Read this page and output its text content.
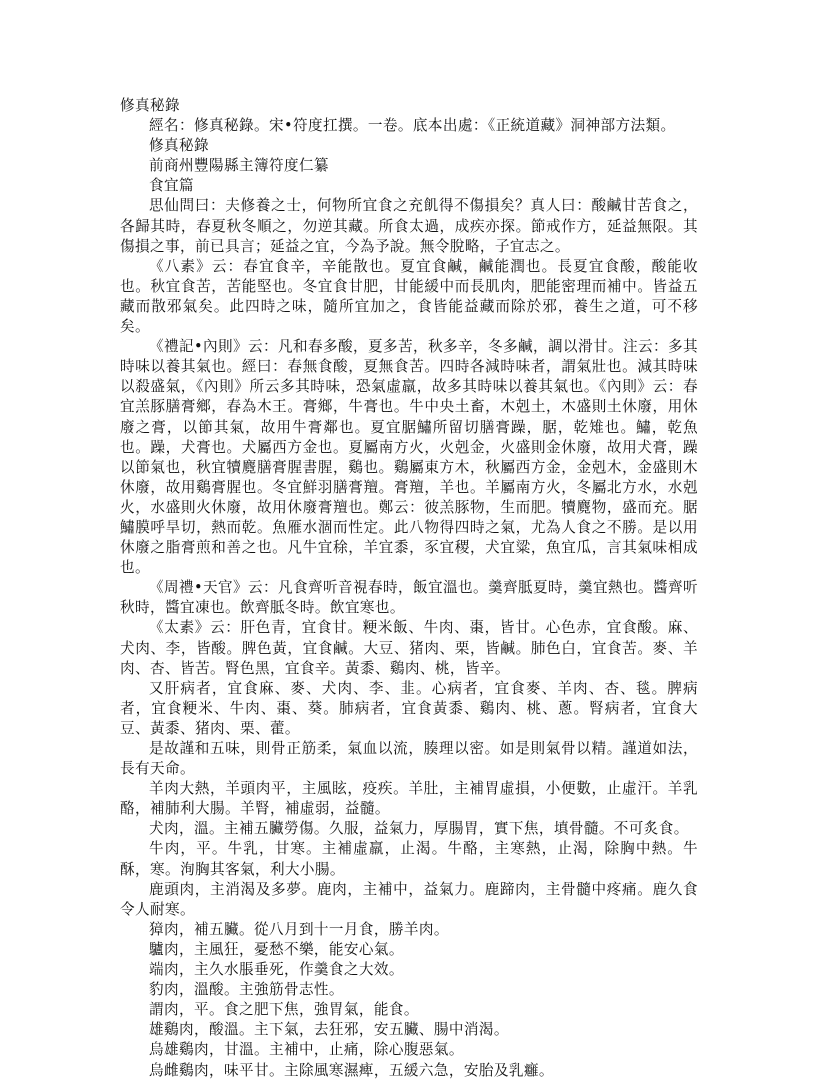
修真秘錄

經名：修真秘錄。宋•符度扛撰。一卷。底本出處：《正統道藏》洞神部方法類。

修真秘錄

前商州豐陽縣主簿符度仁纂

食宜篇

思仙問曰：夫修養之士，何物所宜食之充飢得不傷損矣？真人曰：酸鹹甘苦食之，各歸其時，春夏秋冬順之，勿逆其藏。所食太過，成疾亦探。節戒作方，延益無限。其傷損之事，前已具言；延益之宜，今為予說。無令脫略，子宜志之。

《八素》云：春宜食辛，辛能散也。夏宜食鹹，鹹能潤也。長夏宜食酸，酸能收也。秋宜食苦，苦能堅也。冬宜食甘肥，甘能緩中而長肌肉，肥能密理而補中。皆益五藏而散邪氣矣。此四時之味，隨所宜加之，食皆能益藏而除於邪，養生之道，可不移矣。

《禮記•內則》云：凡和春多酸，夏多苦，秋多辛，冬多鹹，調以滑甘。注云：多其時味以養其氣也。經曰：春無食酸，夏無食苦。四時各減時味者，謂氣壯也。減其時味以殺盛氣，《內則》所云多其時味，恐氣虛羸，故多其時味以養其氣也。《內則》云：春宜羔豚膳膏鄉，春為木王。膏鄉，牛膏也。牛中央土畜，木剋土，木盛則土休廢，用休廢之膏，以節其氣，故用牛膏鄰也。夏宜腒鱐所留切膳膏躁，腒，乾雉也。鱐，乾魚也。躁，犬膏也。犬屬西方金也。夏屬南方火，火剋金，火盛則金休廢，故用犬膏，躁以節氣也，秋宜犢麑膳膏腥書腥，鷄也。鷄屬東方木，秋屬西方金，金剋木，金盛則木休廢，故用鷄膏腥也。冬宜鮮羽膳膏羶。膏羶，羊也。羊屬南方火，冬屬北方水，水剋火，水盛則火休廢，故用休廢膏羶也。鄭云：彼羔豚物，生而肥。犢麑物，盛而充。腒鱐膜呼旱切，熱而乾。魚雁水涸而性定。此八物得四時之氣，尤為人食之不勝。是以用休廢之脂膏煎和善之也。凡牛宜稌，羊宜黍，豕宜稷，犬宜粱，魚宜瓜，言其氣味相成也。

《周禮•天官》云：凡食齊听音視春時，飯宜溫也。羹齊胝夏時，羹宜熱也。醬齊听秋時，醬宜凍也。飲齊胝冬時。飲宜寒也。

《太素》云：肝色青，宜食甘。粳米飯、牛肉、棗，皆甘。心色赤，宜食酸。麻、犬肉、李，皆酸。脾色黃，宜食鹹。大豆、猪肉、栗，皆鹹。肺色白，宜食苦。麥、羊肉、杏、皆苦。腎色黑，宜食辛。黃黍、鷄肉、桃，皆辛。

又肝病者，宜食麻、麥、犬肉、李、韭。心病者，宜食麥、羊肉、杏、毯。脾病者，宜食粳米、牛肉、棗、葵。肺病者，宜食黃黍、鷄肉、桃、蔥。腎病者，宜食大豆、黃黍、猪肉、栗、藿。

是故謹和五味，則骨正筋柔，氣血以流，腠理以密。如是則氣骨以精。謹道如法，長有天命。

羊肉大熱，羊頭肉平，主風眩，疫疾。羊肚，主補胃虛損，小便數，止虛汗。羊乳酪，補肺利大腸。羊腎，補虛弱，益髓。

犬肉，溫。主補五臟勞傷。久服，益氣力，厚腸胃，實下焦，填骨髓。不可炙食。

牛肉，平。牛乳，甘寒。主補虛羸，止渴。牛酪，主寒熱，止渴，除胸中熱。牛酥，寒。洵胸其客氣，利大小腸。

鹿頭肉，主消渴及多夢。鹿肉，主補中，益氣力。鹿蹄肉，主骨髓中疼痛。鹿久食令人耐寒。

獐肉，補五臟。從八月到十一月食，勝羊肉。

驢肉，主風狂，憂愁不樂，能安心氣。

端肉，主久水脹垂死，作羹食之大效。

豹肉，溫酸。主強筋骨志性。

謂肉，平。食之肥下焦，強胃氣，能食。

雄鷄肉，酸溫。主下氣，去狂邪，安五臟、腸中消渴。

烏雄鷄肉，甘溫。主補中，止痛，除心腹惡氣。

烏雌鷄肉，味平甘。主除風寒濕痺，五緩六急，安胎及乳癰。
